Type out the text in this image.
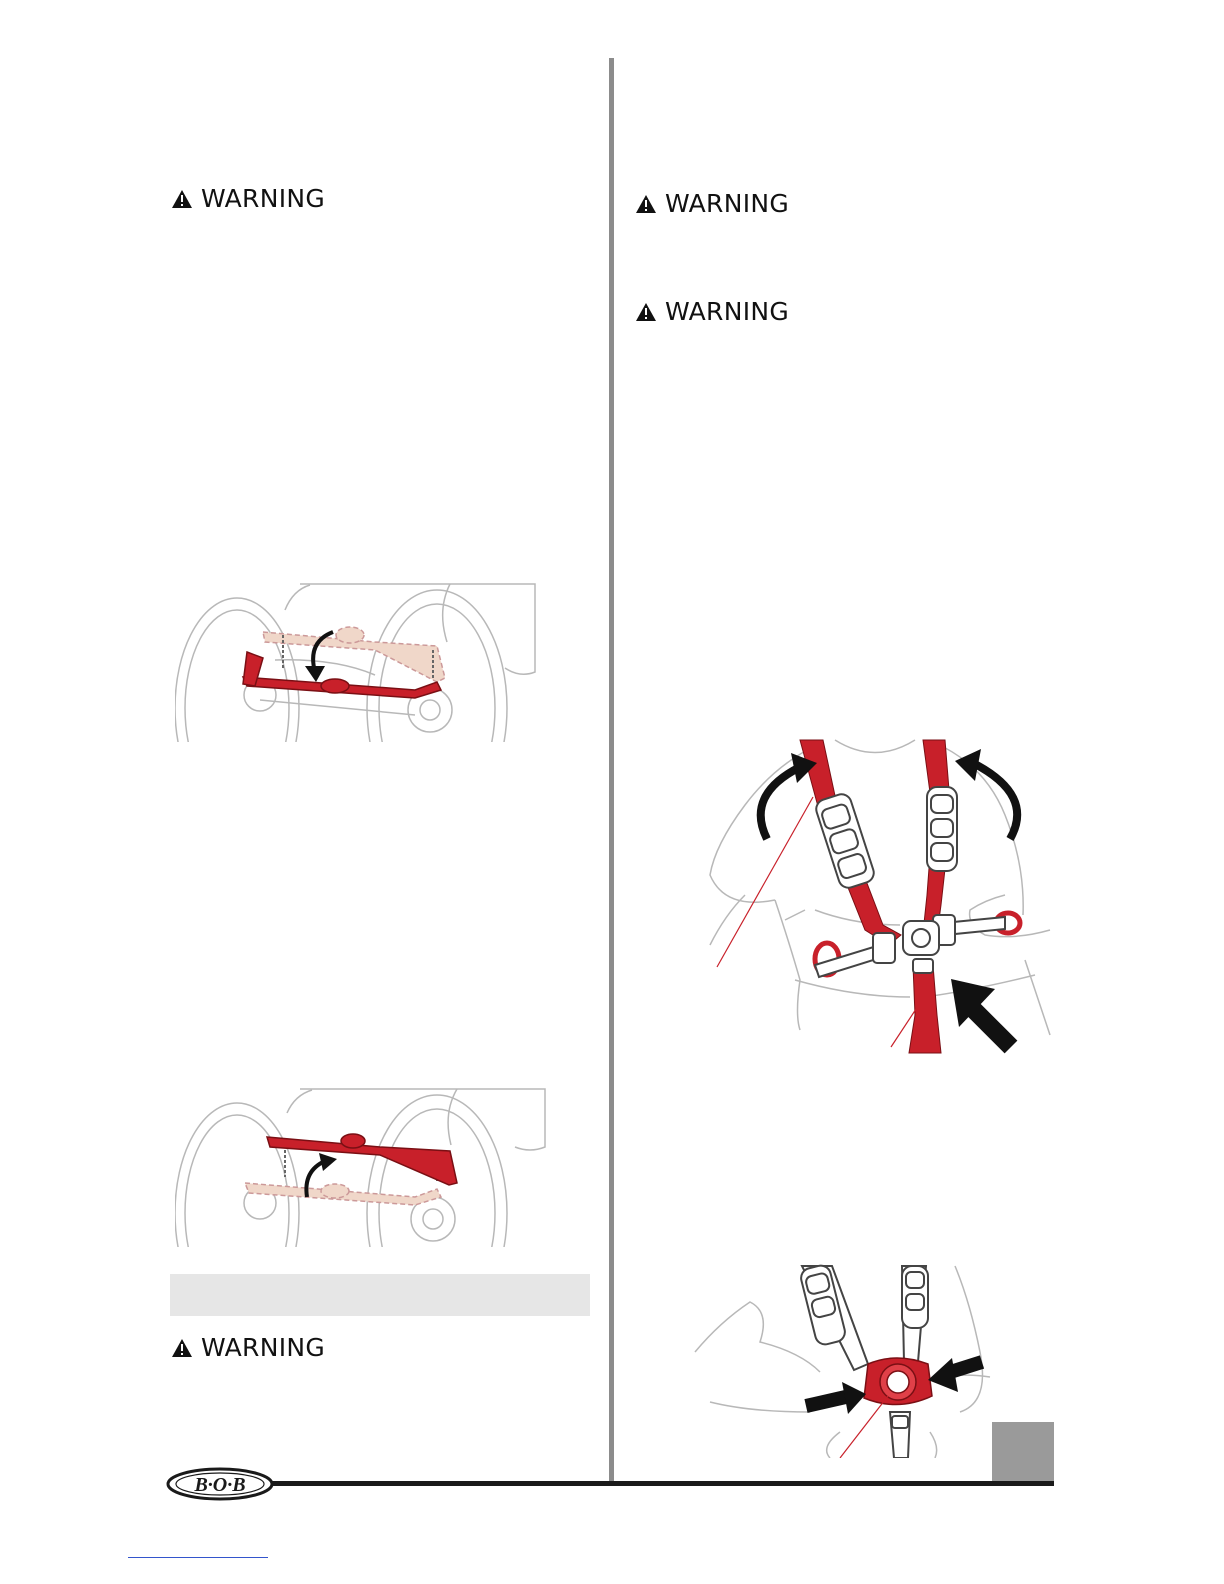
WARNING
WARNING
WARNING
WARNING
B·O·B
